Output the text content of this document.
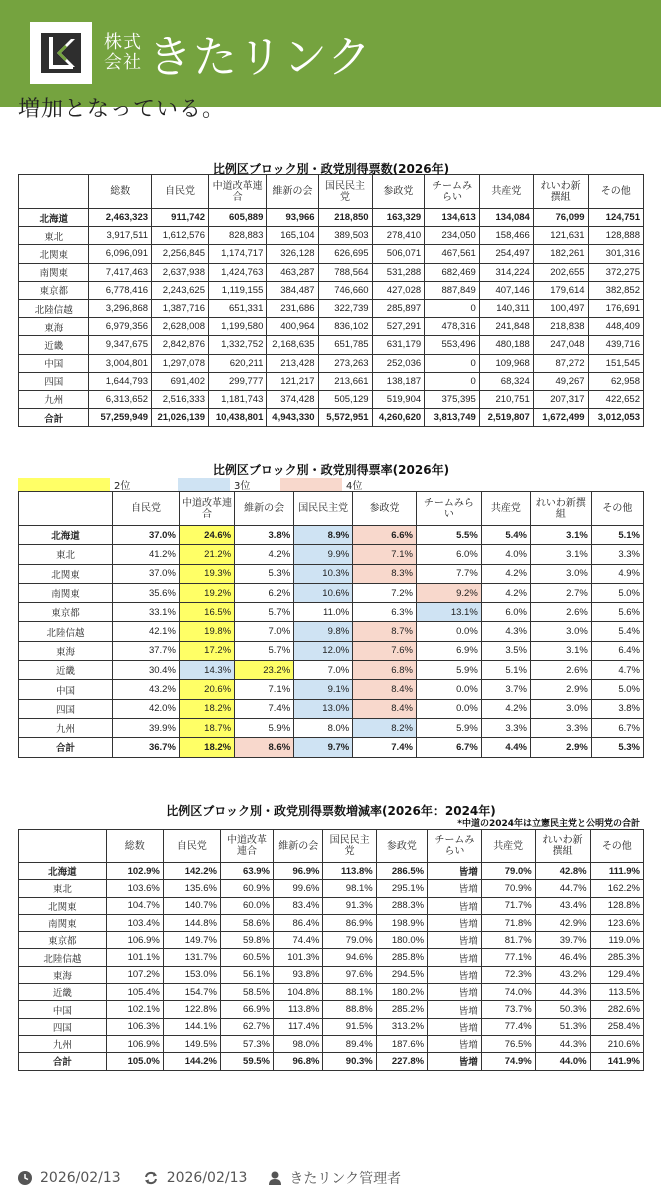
株式
会社 きたリンク
増加となっている。
比例区ブロック別・政党別得票数(2026年)
	総数	自民党	中道改革連合	維新の会	国民民主党	参政党	チームみらい	共産党	れいわ新撰組	その他
北海道	2,463,323	911,742	605,889	93,966	218,850	163,329	134,613	134,084	76,099	124,751
東北	3,917,511	1,612,576	828,883	165,104	389,503	278,410	234,050	158,466	121,631	128,888
北関東	6,096,091	2,256,845	1,174,717	326,128	626,695	506,071	467,561	254,497	182,261	301,316
南関東	7,417,463	2,637,938	1,424,763	463,287	788,564	531,288	682,469	314,224	202,655	372,275
東京都	6,778,416	2,243,625	1,119,155	384,487	746,660	427,028	887,849	407,146	179,614	382,852
北陸信越	3,296,868	1,387,716	651,331	231,686	322,739	285,897	0	140,311	100,497	176,691
東海	6,979,356	2,628,008	1,199,580	400,964	836,102	527,291	478,316	241,848	218,838	448,409
近畿	9,347,675	2,842,876	1,332,752	2,168,635	651,785	631,179	553,496	480,188	247,048	439,716
中国	3,004,801	1,297,078	620,211	213,428	273,263	252,036	0	109,968	87,272	151,545
四国	1,644,793	691,402	299,777	121,217	213,661	138,187	0	68,324	49,267	62,958
九州	6,313,652	2,516,333	1,181,743	374,428	505,129	519,904	375,395	210,751	207,317	422,652
合計	57,259,949	21,026,139	10,438,801	4,943,330	5,572,951	4,260,620	3,813,749	2,519,807	1,672,499	3,012,053
比例区ブロック別・政党別得票率(2026年)
2位	3位	4位
	自民党	中道改革連合	維新の会	国民民主党	参政党	チームみらい	共産党	れいわ新撰組	その他
北海道	37.0%	24.6%	3.8%	8.9%	6.6%	5.5%	5.4%	3.1%	5.1%
東北	41.2%	21.2%	4.2%	9.9%	7.1%	6.0%	4.0%	3.1%	3.3%
北関東	37.0%	19.3%	5.3%	10.3%	8.3%	7.7%	4.2%	3.0%	4.9%
南関東	35.6%	19.2%	6.2%	10.6%	7.2%	9.2%	4.2%	2.7%	5.0%
東京都	33.1%	16.5%	5.7%	11.0%	6.3%	13.1%	6.0%	2.6%	5.6%
北陸信越	42.1%	19.8%	7.0%	9.8%	8.7%	0.0%	4.3%	3.0%	5.4%
東海	37.7%	17.2%	5.7%	12.0%	7.6%	6.9%	3.5%	3.1%	6.4%
近畿	30.4%	14.3%	23.2%	7.0%	6.8%	5.9%	5.1%	2.6%	4.7%
中国	43.2%	20.6%	7.1%	9.1%	8.4%	0.0%	3.7%	2.9%	5.0%
四国	42.0%	18.2%	7.4%	13.0%	8.4%	0.0%	4.2%	3.0%	3.8%
九州	39.9%	18.7%	5.9%	8.0%	8.2%	5.9%	3.3%	3.3%	6.7%
合計	36.7%	18.2%	8.6%	9.7%	7.4%	6.7%	4.4%	2.9%	5.3%
比例区ブロック別・政党別得票数増減率(2026年：2024年)
*中道の2024年は立憲民主党と公明党の合計
	総数	自民党	中道改革連合	維新の会	国民民主党	参政党	チームみらい	共産党	れいわ新撰組	その他
北海道	102.9%	142.2%	63.9%	96.9%	113.8%	286.5%	皆増	79.0%	42.8%	111.9%
東北	103.6%	135.6%	60.9%	99.6%	98.1%	295.1%	皆増	70.9%	44.7%	162.2%
北関東	104.7%	140.7%	60.0%	83.4%	91.3%	288.3%	皆増	71.7%	43.4%	128.8%
南関東	103.4%	144.8%	58.6%	86.4%	86.9%	198.9%	皆増	71.8%	42.9%	123.6%
東京都	106.9%	149.7%	59.8%	74.4%	79.0%	180.0%	皆増	81.7%	39.7%	119.0%
北陸信越	101.1%	131.7%	60.5%	101.3%	94.6%	285.8%	皆増	77.1%	46.4%	285.3%
東海	107.2%	153.0%	56.1%	93.8%	97.6%	294.5%	皆増	72.3%	43.2%	129.4%
近畿	105.4%	154.7%	58.5%	104.8%	88.1%	180.2%	皆増	74.0%	44.3%	113.5%
中国	102.1%	122.8%	66.9%	113.8%	88.8%	285.2%	皆増	73.7%	50.3%	282.6%
四国	106.3%	144.1%	62.7%	117.4%	91.5%	313.2%	皆増	77.4%	51.3%	258.4%
九州	106.9%	149.5%	57.3%	98.0%	89.4%	187.6%	皆増	76.5%	44.3%	210.6%
合計	105.0%	144.2%	59.5%	96.8%	90.3%	227.8%	皆増	74.9%	44.0%	141.9%
2026/02/13	2026/02/13	きたリンク管理者
